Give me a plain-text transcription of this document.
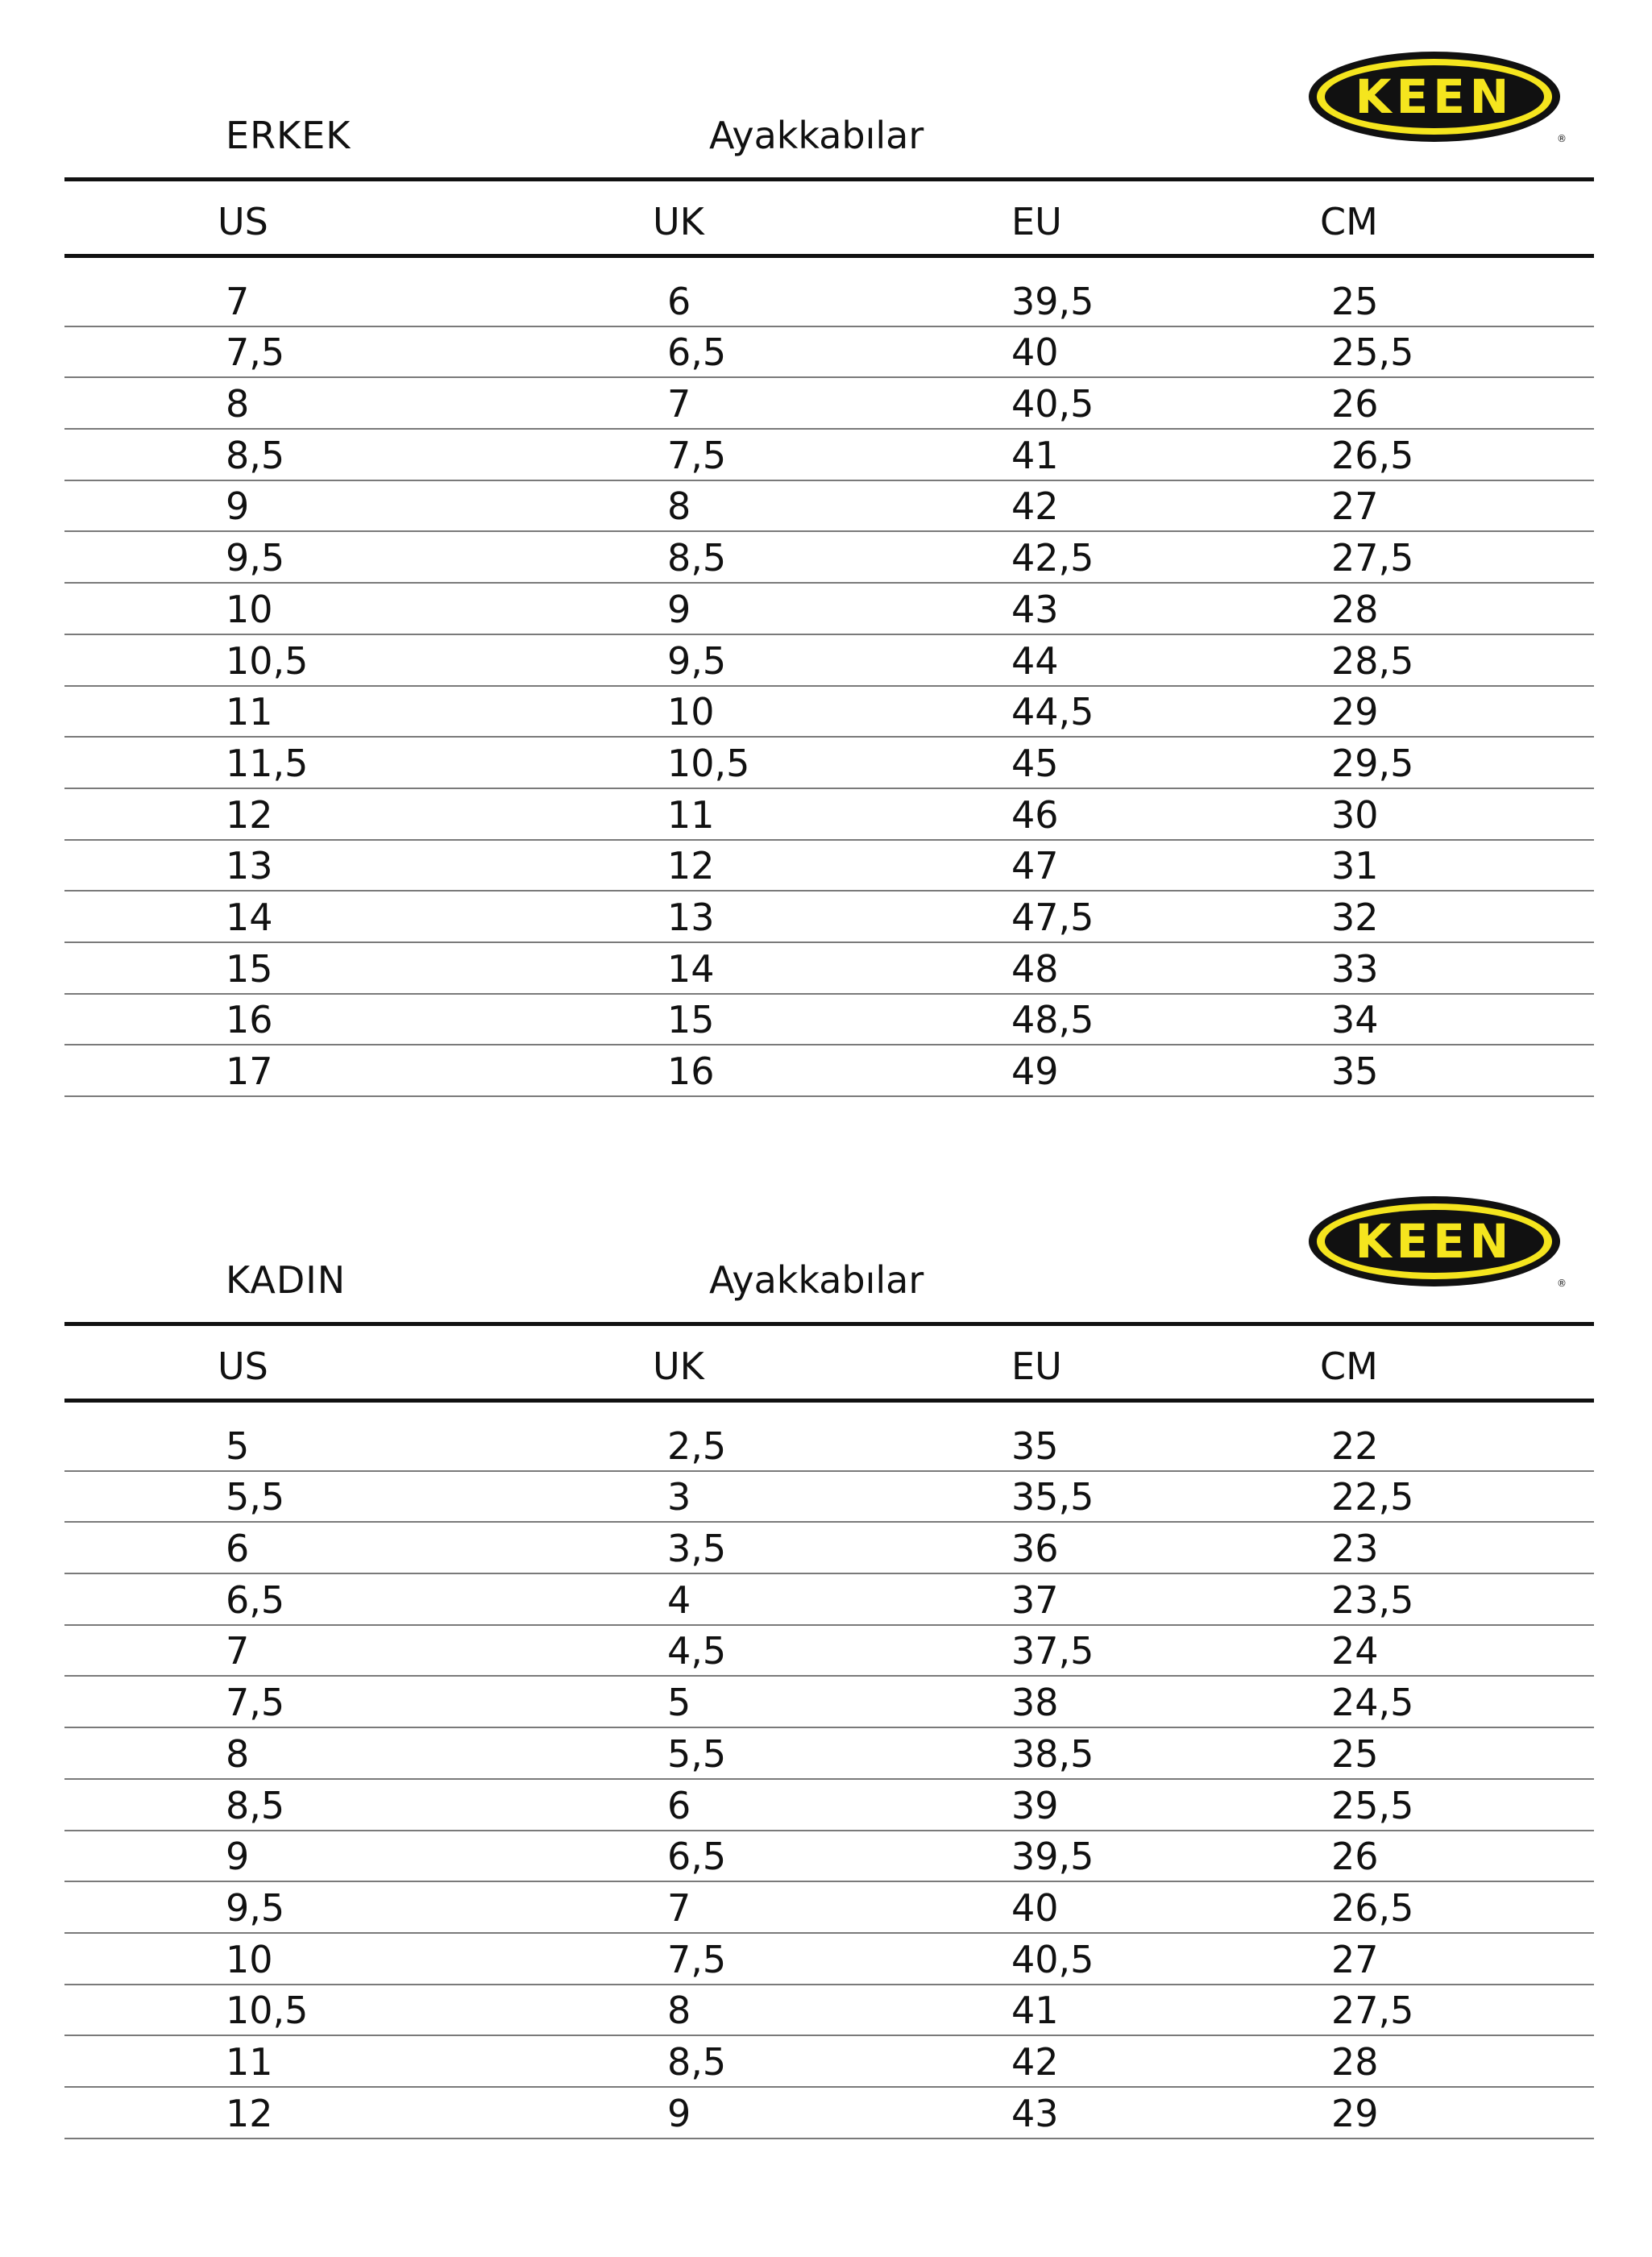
KEEN
®
ERKEK	Ayakkabılar
US	UK	EU	CM
7	6	39,5	25
7,5	6,5	40	25,5
8	7	40,5	26
8,5	7,5	41	26,5
9	8	42	27
9,5	8,5	42,5	27,5
10	9	43	28
10,5	9,5	44	28,5
11	10	44,5	29
11,5	10,5	45	29,5
12	11	46	30
13	12	47	31
14	13	47,5	32
15	14	48	33
16	15	48,5	34
17	16	49	35
KEEN
®
KADIN	Ayakkabılar
US	UK	EU	CM
5	2,5	35	22
5,5	3	35,5	22,5
6	3,5	36	23
6,5	4	37	23,5
7	4,5	37,5	24
7,5	5	38	24,5
8	5,5	38,5	25
8,5	6	39	25,5
9	6,5	39,5	26
9,5	7	40	26,5
10	7,5	40,5	27
10,5	8	41	27,5
11	8,5	42	28
12	9	43	29
